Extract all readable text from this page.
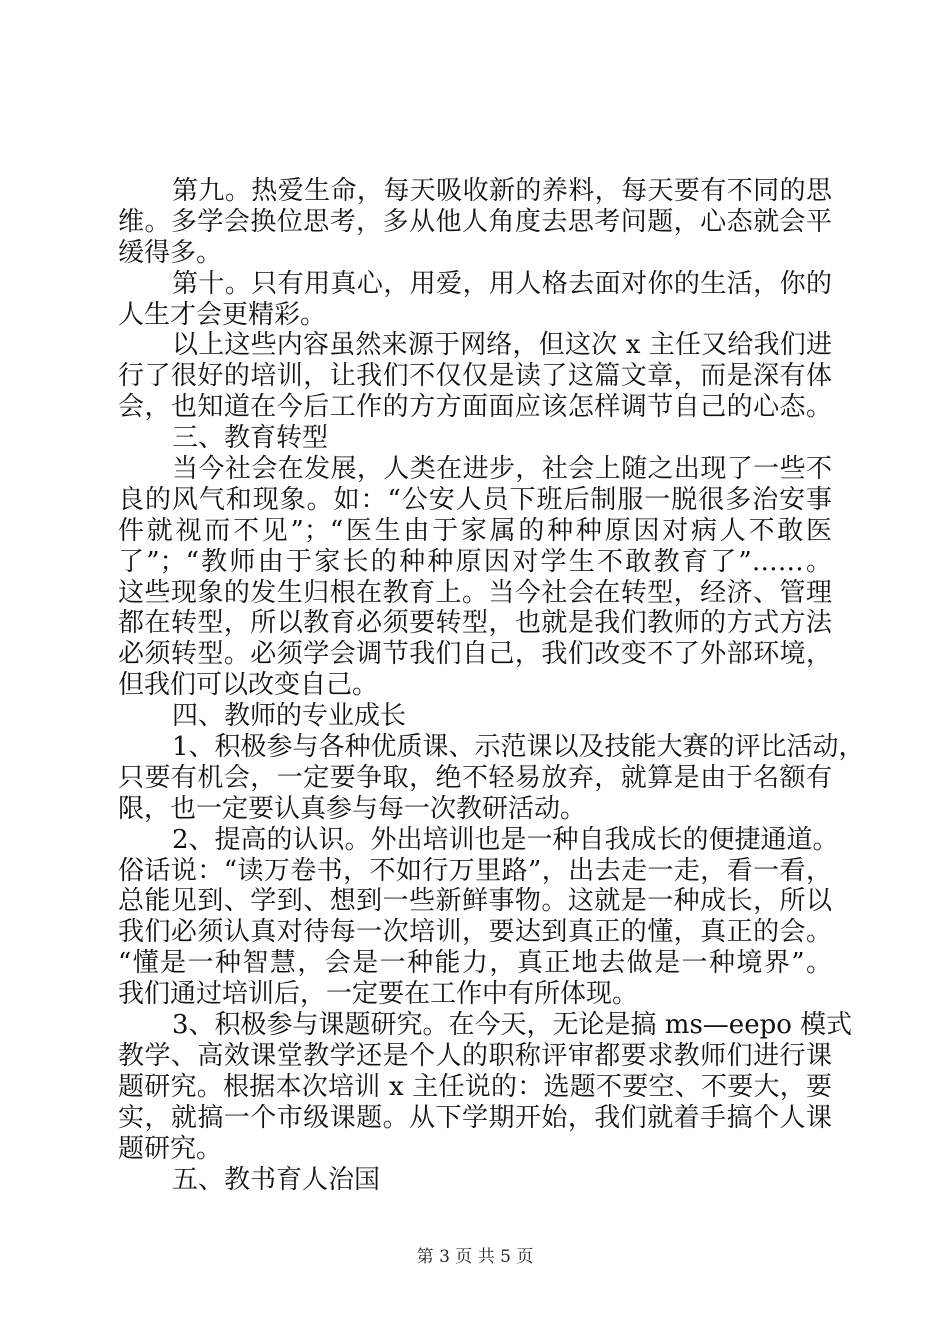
第九。热爱生命，每天吸收新的养料，每天要有不同的思
维。多学会换位思考，多从他人角度去思考问题，心态就会平
缓得多。
第十。只有用真心，用爱，用人格去面对你的生活，你的
人生才会更精彩。
以上这些内容虽然来源于网络，但这次 x 主任又给我们进
行了很好的培训，让我们不仅仅是读了这篇文章，而是深有体
会，也知道在今后工作的方方面面应该怎样调节自己的心态。
三、教育转型
当今社会在发展，人类在进步，社会上随之出现了一些不
良的风气和现象。如：“公安人员下班后制服一脱很多治安事
件就视而不见”；“医生由于家属的种种原因对病人不敢医
了”；“教师由于家长的种种原因对学生不敢教育了”……。
这些现象的发生归根在教育上。当今社会在转型，经济、管理
都在转型，所以教育必须要转型，也就是我们教师的方式方法
必须转型。必须学会调节我们自己，我们改变不了外部环境，
但我们可以改变自己。
四、教师的专业成长
1、积极参与各种优质课、示范课以及技能大赛的评比活动，
只要有机会，一定要争取，绝不轻易放弃，就算是由于名额有
限，也一定要认真参与每一次教研活动。
2、提高的认识。外出培训也是一种自我成长的便捷通道。
俗话说：“读万卷书，不如行万里路”，出去走一走，看一看，
总能见到、学到、想到一些新鲜事物。这就是一种成长，所以
我们必须认真对待每一次培训，要达到真正的懂，真正的会。
“懂是一种智慧，会是一种能力，真正地去做是一种境界”。
我们通过培训后，一定要在工作中有所体现。
3、积极参与课题研究。在今天，无论是搞 ms—eepo 模式
教学、高效课堂教学还是个人的职称评审都要求教师们进行课
题研究。根据本次培训 x 主任说的：选题不要空、不要大，要
实，就搞一个市级课题。从下学期开始，我们就着手搞个人课
题研究。
五、教书育人治国
第 3 页 共 5 页
